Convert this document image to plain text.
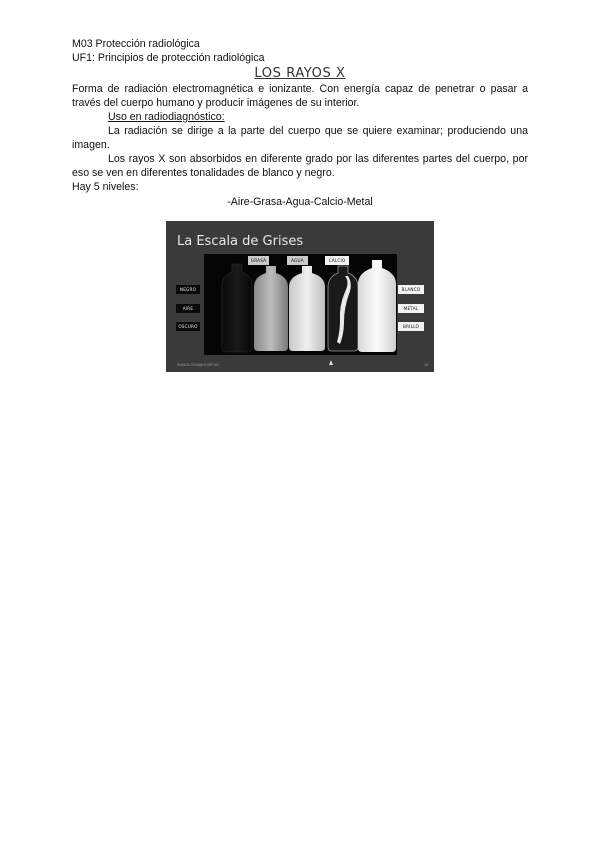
M03 Protección radiológica

UF1: Principios de protección radiológica

LOS RAYOS X

Forma de radiación electromagnética e ionizante. Con energía capaz de penetrar o pasar a través del cuerpo humano y producir imágenes de su interior.

Uso en radiodiagnóstico:

La radiación se dirige a la parte del cuerpo que se quiere examinar; produciendo una imagen.

Los rayos X son absorbidos en diferente grado por las diferentes partes del cuerpo, por eso se ven en diferentes tonalidades de blanco y negro.

Hay 5 niveles:

-Aire-Grasa-Agua-Calcio-Metal

La Escala de Grises
GRASA	AGUA	CALCIO
NEGRO
AIRE
OSCURO
BLANCO
METAL
BRILLO
RADIOLOGIA@HOSPITAL	15
